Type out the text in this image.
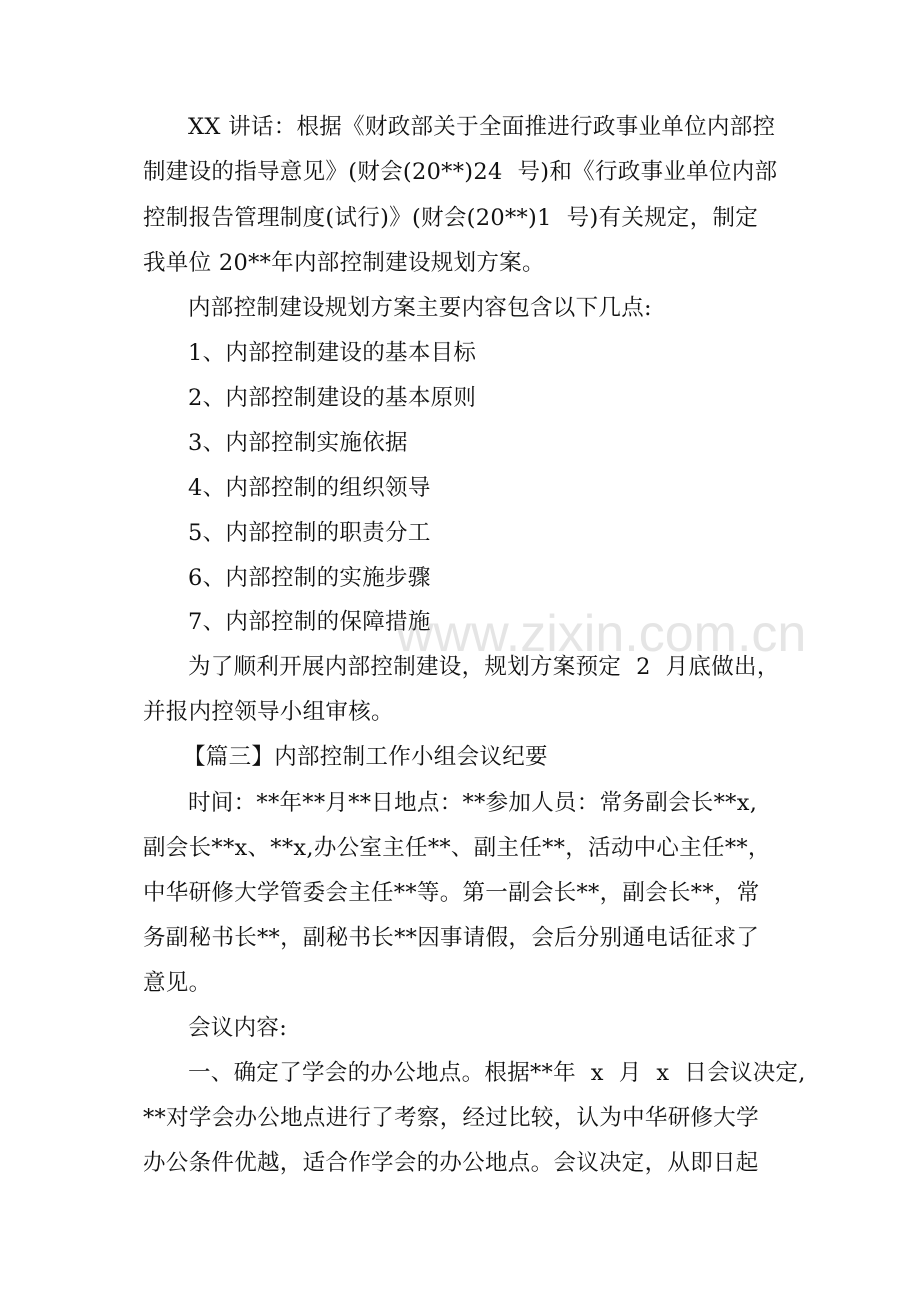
XX 讲话：根据《财政部关于全面推进行政事业单位内部控
制建设的指导意见》(财会(20**)24  号)和《行政事业单位内部
控制报告管理制度(试行)》(财会(20**)1  号)有关规定，制定
我单位 20**年内部控制建设规划方案。
内部控制建设规划方案主要内容包含以下几点:
1、内部控制建设的基本目标
2、内部控制建设的基本原则
3、内部控制实施依据
4、内部控制的组织领导
5、内部控制的职责分工
6、内部控制的实施步骤
7、内部控制的保障措施
为了顺利开展内部控制建设，规划方案预定  2  月底做出，
并报内控领导小组审核。
【篇三】内部控制工作小组会议纪要
时间：**年**月**日地点：**参加人员：常务副会长**x,
副会长**x、**x,办公室主任**、副主任**，活动中心主任**，
中华研修大学管委会主任**等。第一副会长**，副会长**，常
务副秘书长**，副秘书长**因事请假，会后分别通电话征求了
意见。
会议内容:
一、确定了学会的办公地点。根据**年  x  月  x  日会议决定,
**对学会办公地点进行了考察，经过比较，认为中华研修大学
办公条件优越，适合作学会的办公地点。会议决定，从即日起
www.zixin.com.cn
